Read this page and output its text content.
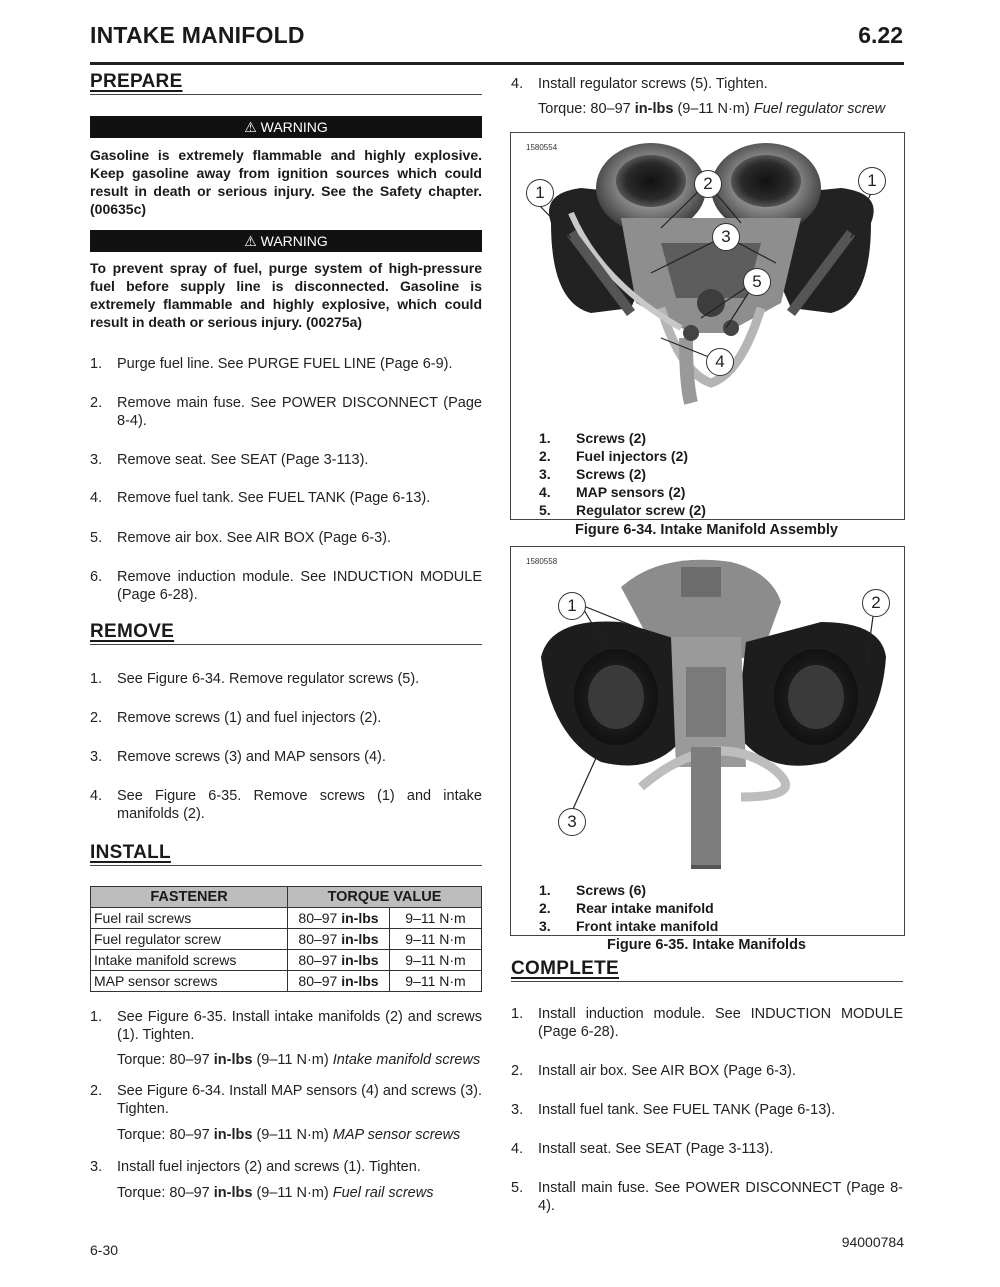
INTAKE MANIFOLD	6.22
PREPARE
⚠ WARNING
Gasoline is extremely flammable and highly explosive. Keep gasoline away from ignition sources which could result in death or serious injury. See the Safety chapter. (00635c)
⚠ WARNING
To prevent spray of fuel, purge system of high-pressure fuel before supply line is disconnected. Gasoline is extremely flammable and highly explosive, which could result in death or serious injury. (00275a)
1. Purge fuel line. See PURGE FUEL LINE (Page 6-9).
2. Remove main fuse. See POWER DISCONNECT (Page 8-4).
3. Remove seat. See SEAT (Page 3-113).
4. Remove fuel tank. See FUEL TANK (Page 6-13).
5. Remove air box. See AIR BOX (Page 6-3).
6. Remove induction module. See INDUCTION MODULE (Page 6-28).
REMOVE
1. See Figure 6-34. Remove regulator screws (5).
2. Remove screws (1) and fuel injectors (2).
3. Remove screws (3) and MAP sensors (4).
4. See Figure 6-35. Remove screws (1) and intake manifolds (2).
INSTALL
FASTENER	TORQUE VALUE	
Fuel rail screws	80–97 in-lbs	9–11 N·m
Fuel regulator screw	80–97 in-lbs	9–11 N·m
Intake manifold screws	80–97 in-lbs	9–11 N·m
MAP sensor screws	80–97 in-lbs	9–11 N·m
1. See Figure 6-35. Install intake manifolds (2) and screws (1). Tighten.
Torque: 80–97 in-lbs (9–11 N·m) Intake manifold screws
2. See Figure 6-34. Install MAP sensors (4) and screws (3). Tighten.
Torque: 80–97 in-lbs (9–11 N·m) MAP sensor screws
3. Install fuel injectors (2) and screws (1). Tighten.
Torque: 80–97 in-lbs (9–11 N·m) Fuel rail screws
4. Install regulator screws (5). Tighten.
Torque: 80–97 in-lbs (9–11 N·m) Fuel regulator screw
1580554
1	2	1
3
5
4
1. Screws (2)
2. Fuel injectors (2)
3. Screws (2)
4. MAP sensors (2)
5. Regulator screw (2)
Figure 6-34. Intake Manifold Assembly
1580558
1	2
3
1. Screws (6)
2. Rear intake manifold
3. Front intake manifold
Figure 6-35. Intake Manifolds
COMPLETE
1. Install induction module. See INDUCTION MODULE (Page 6-28).
2. Install air box. See AIR BOX (Page 6-3).
3. Install fuel tank. See FUEL TANK (Page 6-13).
4. Install seat. See SEAT (Page 3-113).
5. Install main fuse. See POWER DISCONNECT (Page 8-4).
6-30	94000784
